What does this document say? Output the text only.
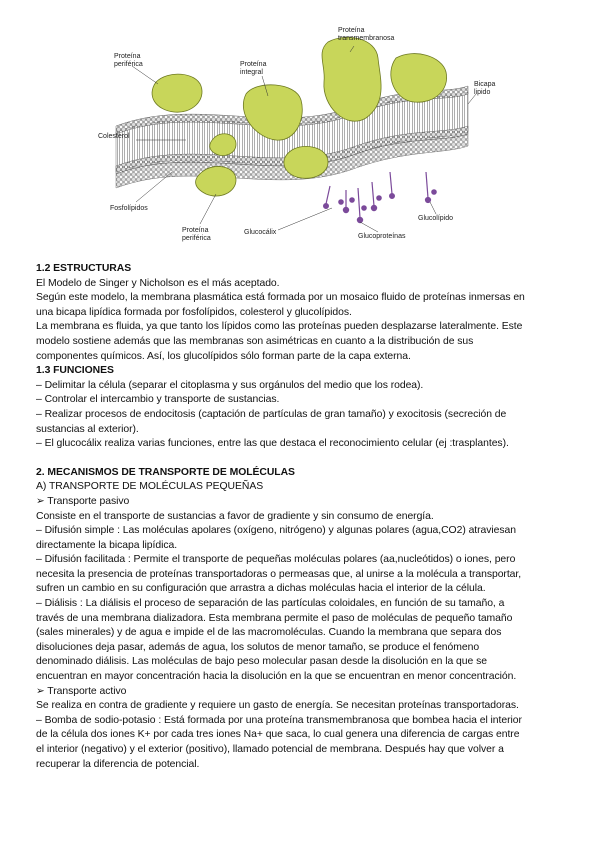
Proteína periférica	Proteína integral
Proteína transmembranosa
Bicapa lipido
Colesterol
Fosfolípidos
Proteína periférica
Glucocálix
Glucolípido
Glucoproteínas

1.2 ESTRUCTURAS

El Modelo de Singer y Nicholson es el más aceptado.

Según este modelo, la membrana plasmática está formada por un mosaico fluido de proteínas inmersas en

una bicapa lipídica formada por fosfolípidos, colesterol y glucolípidos.

La membrana es fluida, ya que tanto los lípidos como las proteínas pueden desplazarse lateralmente. Este

modelo sostiene además que las membranas son asimétricas en cuanto a la distribución de sus

componentes químicos. Así, los glucolípidos sólo forman parte de la capa externa.

1.3 FUNCIONES

– Delimitar la célula (separar el citoplasma y sus orgánulos del medio que los rodea).

– Controlar el intercambio y transporte de sustancias.

– Realizar procesos de endocitosis (captación de partículas de gran tamaño) y exocitosis (secreción de

sustancias al exterior).

– El glucocálix realiza varias funciones, entre las que destaca el reconocimiento celular (ej :trasplantes).

2. MECANISMOS DE TRANSPORTE DE MOLÉCULAS

A) TRANSPORTE DE MOLÉCULAS PEQUEÑAS

➢ Transporte pasivo

Consiste en el transporte de sustancias a favor de gradiente y sin consumo de energía.

– Difusión simple : Las moléculas apolares (oxígeno, nitrógeno) y algunas polares (agua,CO2) atraviesan

directamente la bicapa lipídica.

– Difusión facilitada : Permite el transporte de pequeñas moléculas polares (aa,nucleótidos) o iones, pero

necesita la presencia de proteínas transportadoras o permeasas que, al unirse a la molécula a transportar,

sufren un cambio en su configuración que arrastra a dichas moléculas hacia el interior de la célula.

– Diálisis : La diálisis el proceso de separación de las partículas coloidales, en función de su tamaño, a

través de una membrana dializadora. Esta membrana permite el paso de moléculas de pequeño tamaño

(sales minerales) y de agua e impide el de las macromoléculas. Cuando la membrana que separa dos

disoluciones deja pasar, además de agua, los solutos de menor tamaño, se produce el fenómeno

denominado diálisis. Las moléculas de bajo peso molecular pasan desde la disolución en la que se

encuentran en mayor concentración hacia la disolución en la que se encuentran en menor concentración.

➢ Transporte activo

Se realiza en contra de gradiente y requiere un gasto de energía. Se necesitan proteínas transportadoras.

– Bomba de sodio-potasio : Está formada por una proteína transmembranosa que bombea hacia el interior

de la célula dos iones K+ por cada tres iones Na+ que saca, lo cual genera una diferencia de cargas entre

el interior (negativo) y el exterior (positivo), llamado potencial de membrana. Después hay que volver a

recuperar la diferencia de potencial.
